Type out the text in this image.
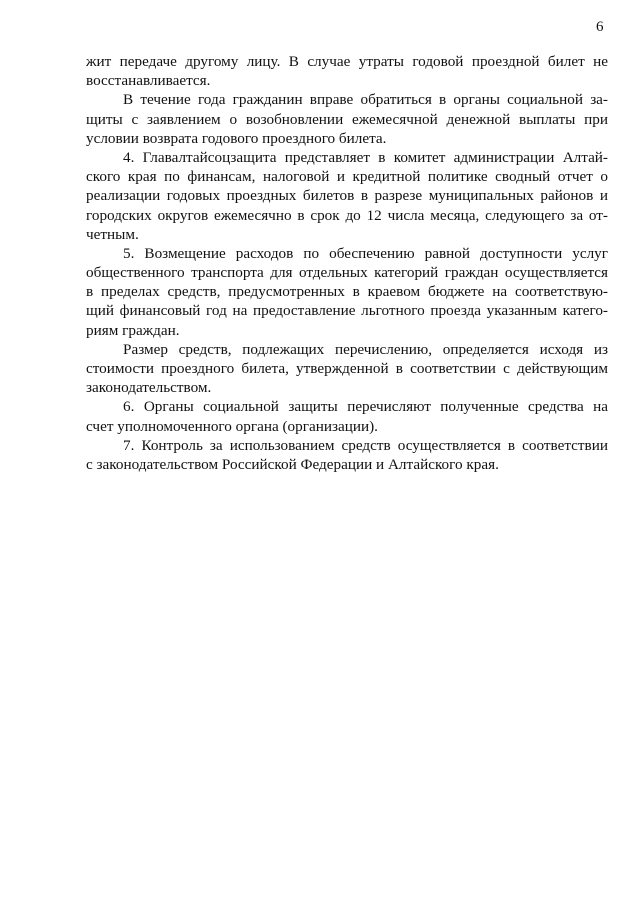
6
жит передаче другому лицу. В случае утраты годовой проездной билет не
восстанавливается.
В течение года гражданин вправе обратиться в органы социальной за-
щиты с заявлением о возобновлении ежемесячной денежной выплаты при
условии возврата годового проездного билета.
4. Главалтайсоцзащита представляет в комитет администрации Алтай-
ского края по финансам, налоговой и кредитной политике сводный отчет о
реализации годовых проездных билетов в разрезе муниципальных районов и
городских округов ежемесячно в срок до 12 числа месяца, следующего за от-
четным.
5. Возмещение расходов по обеспечению равной доступности услуг
общественного транспорта для отдельных категорий граждан осуществляется
в пределах средств, предусмотренных в краевом бюджете на соответствую-
щий финансовый год на предоставление льготного проезда указанным катего-
риям граждан.
Размер средств, подлежащих перечислению, определяется исходя из
стоимости проездного билета, утвержденной в соответствии с действующим
законодательством.
6. Органы социальной защиты перечисляют полученные средства на
счет уполномоченного органа (организации).
7. Контроль за использованием средств осуществляется в соответствии
с законодательством Российской Федерации и Алтайского края.
